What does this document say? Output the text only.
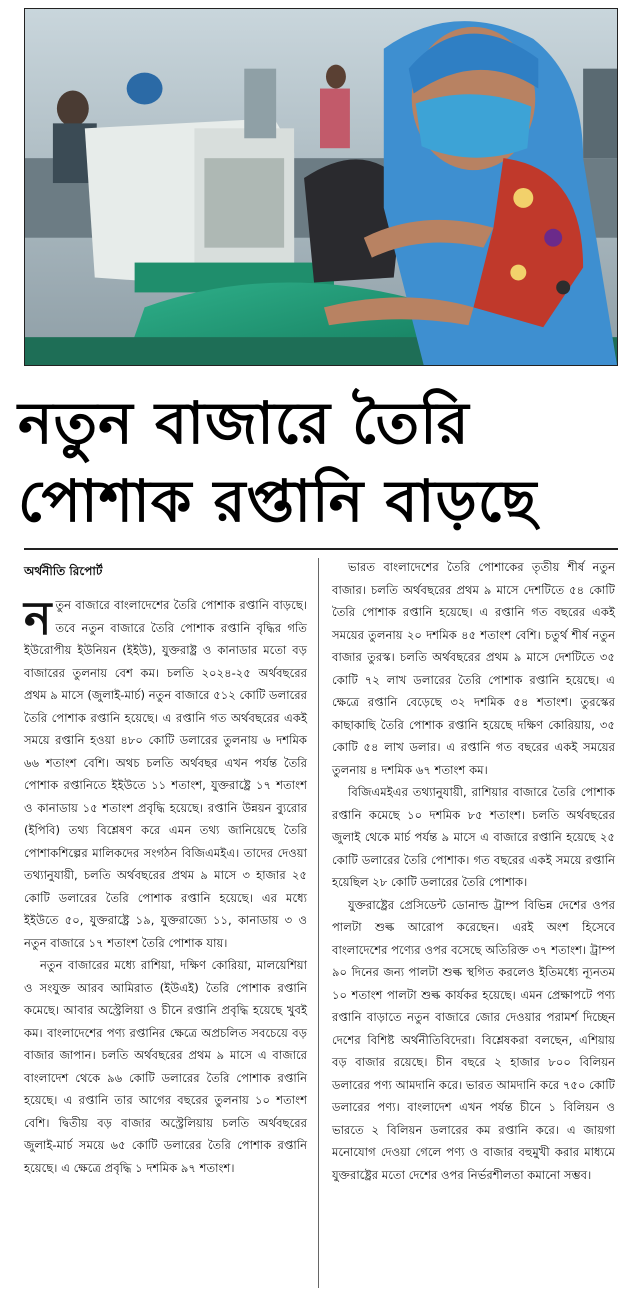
নতুন বাজারে তৈরি
পোশাক রপ্তানি বাড়ছে
অর্থনীতি রিপোর্ট

নতুন বাজারে বাংলাদেশের তৈরি পোশাক রপ্তানি বাড়ছে। তবে নতুন বাজারে তৈরি পোশাক রপ্তানি বৃদ্ধির গতি ইউরোপীয় ইউনিয়ন (ইইউ), যুক্তরাষ্ট্র ও কানাডার মতো বড় বাজারের তুলনায় বেশ কম। চলতি ২০২৪-২৫ অর্থবছরের প্রথম ৯ মাসে (জুলাই-মার্চ) নতুন বাজারে ৫১২ কোটি ডলারের তৈরি পোশাক রপ্তানি হয়েছে। এ রপ্তানি গত অর্থবছরের একই সময়ে রপ্তানি হওয়া ৪৮০ কোটি ডলারের তুলনায় ৬ দশমিক ৬৬ শতাংশ বেশি। অথচ চলতি অর্থবছর এখন পর্যন্ত তৈরি পোশাক রপ্তানিতে ইইউতে ১১ শতাংশ, যুক্তরাষ্ট্রে ১৭ শতাংশ ও কানাডায় ১৫ শতাংশ প্রবৃদ্ধি হয়েছে। রপ্তানি উন্নয়ন ব্যুরোর (ইপিবি) তথ্য বিশ্লেষণ করে এমন তথ্য জানিয়েছে তৈরি পোশাকশিল্পের মালিকদের সংগঠন বিজিএমইএ। তাদের দেওয়া তথ্যানুযায়ী, চলতি অর্থবছরের প্রথম ৯ মাসে ৩ হাজার ২৫ কোটি ডলারের তৈরি পোশাক রপ্তানি হয়েছে। এর মধ্যে ইইউতে ৫০, যুক্তরাষ্ট্রে ১৯, যুক্তরাজ্যে ১১, কানাডায় ৩ ও নতুন বাজারে ১৭ শতাংশ তৈরি পোশাক যায়।

নতুন বাজারের মধ্যে রাশিয়া, দক্ষিণ কোরিয়া, মালয়েশিয়া ও সংযুক্ত আরব আমিরাত (ইউএই) তৈরি পোশাক রপ্তানি কমেছে। আবার অস্ট্রেলিয়া ও চীনে রপ্তানি প্রবৃদ্ধি হয়েছে খুবই কম। বাংলাদেশের পণ্য রপ্তানির ক্ষেত্রে অপ্রচলিত সবচেয়ে বড় বাজার জাপান। চলতি অর্থবছরের প্রথম ৯ মাসে এ বাজারে বাংলাদেশ থেকে ৯৬ কোটি ডলারের তৈরি পোশাক রপ্তানি হয়েছে। এ রপ্তানি তার আগের বছরের তুলনায় ১০ শতাংশ বেশি। দ্বিতীয় বড় বাজার অস্ট্রেলিয়ায় চলতি অর্থবছরের জুলাই-মার্চ সময়ে ৬৫ কোটি ডলারের তৈরি পোশাক রপ্তানি হয়েছে। এ ক্ষেত্রে প্রবৃদ্ধি ১ দশমিক ৯৭ শতাংশ।

ভারত বাংলাদেশের তৈরি পোশাকের তৃতীয় শীর্ষ নতুন বাজার। চলতি অর্থবছরের প্রথম ৯ মাসে দেশটিতে ৫৪ কোটি তৈরি পোশাক রপ্তানি হয়েছে। এ রপ্তানি গত বছরের একই সময়ের তুলনায় ২০ দশমিক ৪৫ শতাংশ বেশি। চতুর্থ শীর্ষ নতুন বাজার তুরস্ক। চলতি অর্থবছরের প্রথম ৯ মাসে দেশটিতে ৩৫ কোটি ৭২ লাখ ডলারের তৈরি পোশাক রপ্তানি হয়েছে। এ ক্ষেত্রে রপ্তানি বেড়েছে ৩২ দশমিক ৫৪ শতাংশ। তুরস্কের কাছাকাছি তৈরি পোশাক রপ্তানি হয়েছে দক্ষিণ কোরিয়ায়, ৩৫ কোটি ৫৪ লাখ ডলার। এ রপ্তানি গত বছরের একই সময়ের তুলনায় ৪ দশমিক ৬৭ শতাংশ কম।

বিজিএমইএর তথ্যানুযায়ী, রাশিয়ার বাজারে তৈরি পোশাক রপ্তানি কমেছে ১০ দশমিক ৮৫ শতাংশ। চলতি অর্থবছরের জুলাই থেকে মার্চ পর্যন্ত ৯ মাসে এ বাজারে রপ্তানি হয়েছে ২৫ কোটি ডলারের তৈরি পোশাক। গত বছরের একই সময়ে রপ্তানি হয়েছিল ২৮ কোটি ডলারের তৈরি পোশাক।

যুক্তরাষ্ট্রের প্রেসিডেন্ট ডোনাল্ড ট্রাম্প বিভিন্ন দেশের ওপর পালটা শুল্ক আরোপ করেছেন। এরই অংশ হিসেবে বাংলাদেশের পণ্যের ওপর বসেছে অতিরিক্ত ৩৭ শতাংশ। ট্রাম্প ৯০ দিনের জন্য পালটা শুল্ক স্থগিত করলেও ইতিমধ্যে ন্যূনতম ১০ শতাংশ পালটা শুল্ক কার্যকর হয়েছে। এমন প্রেক্ষাপটে পণ্য রপ্তানি বাড়াতে নতুন বাজারে জোর দেওয়ার পরামর্শ দিচ্ছেন দেশের বিশিষ্ট অর্থনীতিবিদেরা। বিশ্লেষকরা বলছেন, এশিয়ায় বড় বাজার রয়েছে। চীন বছরে ২ হাজার ৮০০ বিলিয়ন ডলারের পণ্য আমদানি করে। ভারত আমদানি করে ৭৫০ কোটি ডলারের পণ্য। বাংলাদেশ এখন পর্যন্ত চীনে ১ বিলিয়ন ও ভারতে ২ বিলিয়ন ডলারের কম রপ্তানি করে। এ জায়গা মনোযোগ দেওয়া গেলে পণ্য ও বাজার বহুমুখী করার মাধ্যমে যুক্তরাষ্ট্রের মতো দেশের ওপর নির্ভরশীলতা কমানো সম্ভব।
